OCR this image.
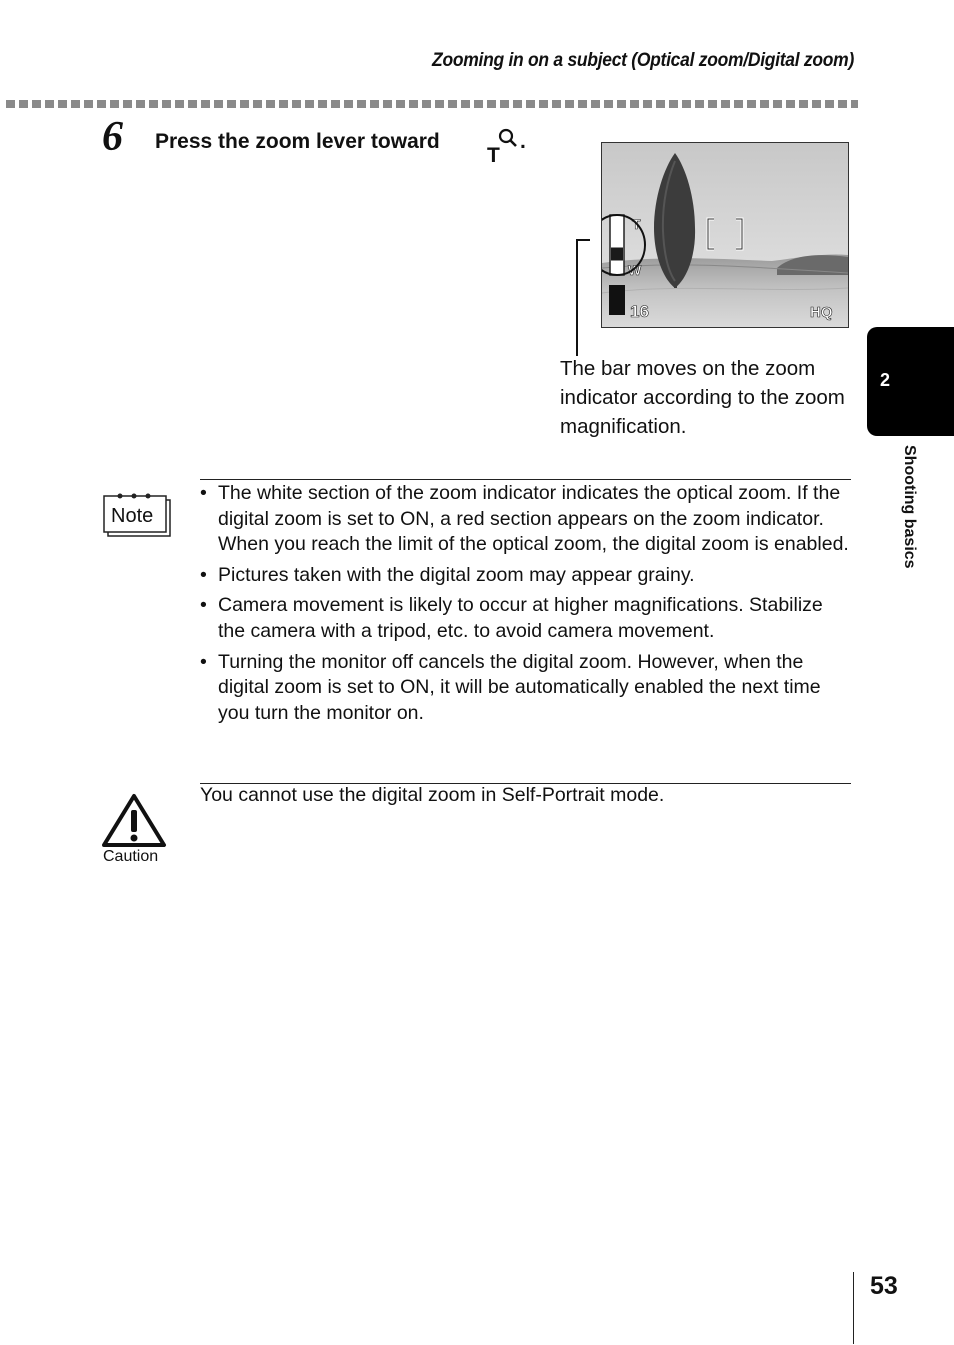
Zooming in on a subject (Optical zoom/Digital zoom)
6 Press the zoom lever toward
T
.
T
W
16	HQ
The bar moves on the zoom indicator according to the zoom magnification.
2
Shooting basics
Note
• The white section of the zoom indicator indicates the optical zoom. If the digital zoom is set to ON, a red section appears on the zoom indicator. When you reach the limit of the optical zoom, the digital zoom is enabled.
• Pictures taken with the digital zoom may appear grainy.
• Camera movement is likely to occur at higher magnifications. Stabilize the camera with a tripod, etc. to avoid camera movement.
• Turning the monitor off cancels the digital zoom. However, when the digital zoom is set to ON, it will be automatically enabled the next time you turn the monitor on.
Caution
You cannot use the digital zoom in Self-Portrait mode.
53
